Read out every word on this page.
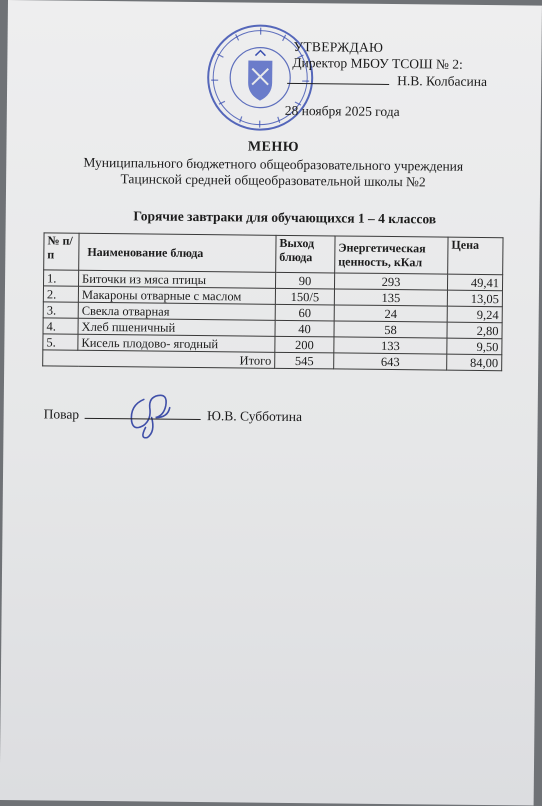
УТВЕРЖДАЮ
Директор МБОУ ТСОШ № 2:
Н.В. Колбасина
28 ноября 2025 года
МЕНЮ
Муниципального бюджетного общеобразовательного учреждения
Тацинской средней общеобразовательной школы №2
Горячие завтраки для обучающихся 1 – 4 классов
№ п/п	Наименование блюда	Выход блюда	Энергетическая ценность, кКал	Цена
1.	Биточки из мяса птицы	90	293	49,41
2.	Макароны отварные с маслом	150/5	135	13,05
3.	Свекла отварная	60	24	9,24
4.	Хлеб пшеничный	40	58	2,80
5.	Кисель плодово- ягодный	200	133	9,50
Итого		545	643	84,00
Повар	Ю.В. Субботина
